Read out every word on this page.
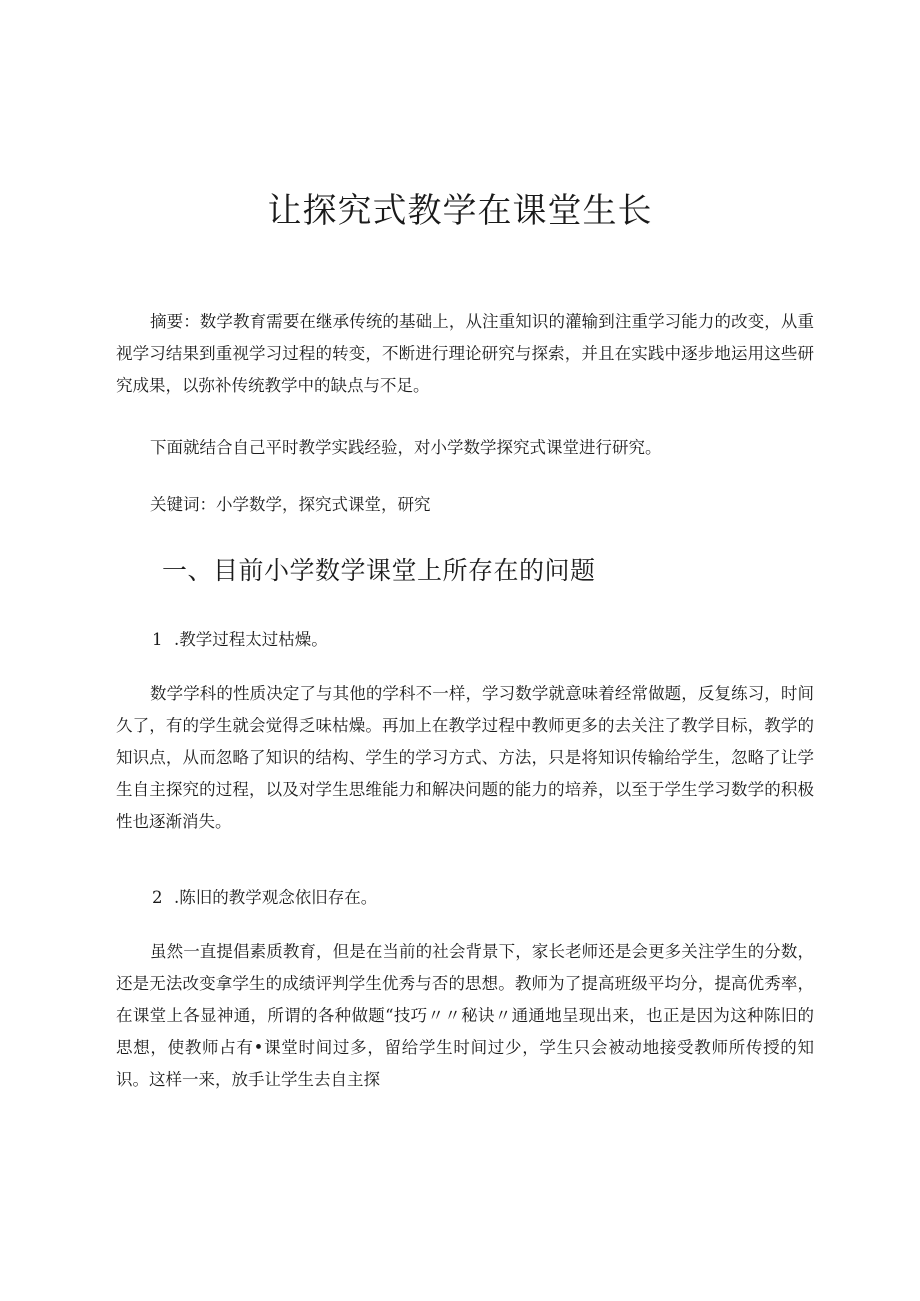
让探究式教学在课堂生长

摘要：数学教育需要在继承传统的基础上，从注重知识的灌输到注重学习能力的改变，从重视学习结果到重视学习过程的转变，不断进行理论研究与探索，并且在实践中逐步地运用这些研究成果，以弥补传统教学中的缺点与不足。

下面就结合自己平时教学实践经验，对小学数学探究式课堂进行研究。

关键词：小学数学，探究式课堂，研究

一、目前小学数学课堂上所存在的问题

1 .教学过程太过枯燥。

数学学科的性质决定了与其他的学科不一样，学习数学就意味着经常做题，反复练习，时间久了，有的学生就会觉得乏味枯燥。再加上在教学过程中教师更多的去关注了教学目标，教学的知识点，从而忽略了知识的结构、学生的学习方式、方法，只是将知识传输给学生，忽略了让学生自主探究的过程，以及对学生思维能力和解决问题的能力的培养，以至于学生学习数学的积极性也逐渐消失。

2 .陈旧的教学观念依旧存在。

虽然一直提倡素质教育，但是在当前的社会背景下，家长老师还是会更多关注学生的分数，还是无法改变拿学生的成绩评判学生优秀与否的思想。教师为了提高班级平均分，提高优秀率，在课堂上各显神通，所谓的各种做题“技巧〃〃秘诀〃通通地呈现出来，也正是因为这种陈旧的思想，使教师占有•课堂时间过多，留给学生时间过少，学生只会被动地接受教师所传授的知识。这样一来，放手让学生去自主探
